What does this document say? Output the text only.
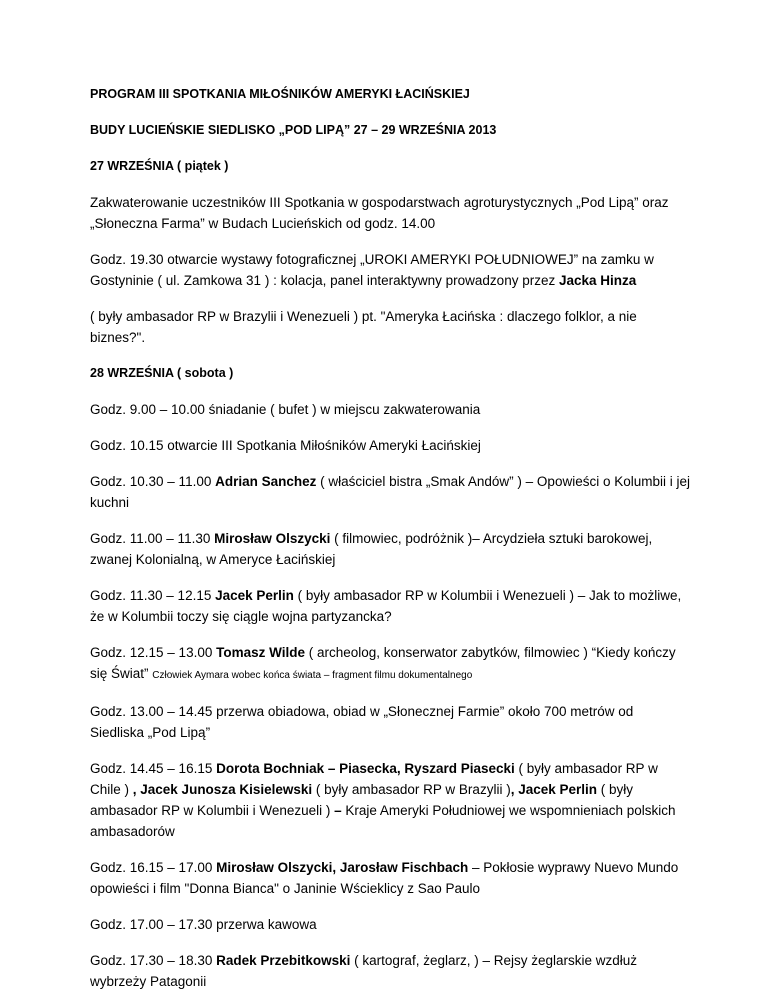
PROGRAM III SPOTKANIA MIŁOŚNIKÓW AMERYKI ŁACIŃSKIEJ

BUDY LUCIEŃSKIE SIEDLISKO „POD LIPĄ” 27 – 29 WRZEŚNIA 2013

27 WRZEŚNIA ( piątek )

Zakwaterowanie uczestników III Spotkania w gospodarstwach agroturystycznych „Pod Lipą” oraz „Słoneczna Farma” w Budach Lucieńskich od godz. 14.00

Godz. 19.30 otwarcie wystawy fotograficznej „UROKI AMERYKI POŁUDNIOWEJ” na zamku w Gostyninie ( ul. Zamkowa 31 ) : kolacja, panel interaktywny prowadzony przez Jacka Hinza

( były ambasador RP w Brazylii i Wenezueli ) pt. "Ameryka Łacińska : dlaczego folklor, a nie biznes?".

28 WRZEŚNIA ( sobota )

Godz. 9.00 – 10.00 śniadanie ( bufet ) w miejscu zakwaterowania

Godz. 10.15 otwarcie III Spotkania Miłośników Ameryki Łacińskiej

Godz. 10.30 – 11.00 Adrian Sanchez ( właściciel bistra „Smak Andów” ) – Opowieści o Kolumbii i jej kuchni

Godz. 11.00 – 11.30 Mirosław Olszycki ( filmowiec, podróżnik )– Arcydzieła sztuki barokowej, zwanej Kolonialną, w Ameryce Łacińskiej

Godz. 11.30 – 12.15 Jacek Perlin ( były ambasador RP w Kolumbii i Wenezueli ) – Jak to możliwe, że w Kolumbii toczy się ciągle wojna partyzancka?

Godz. 12.15 – 13.00 Tomasz Wilde ( archeolog, konserwator zabytków, filmowiec ) “Kiedy kończy się Świat” Człowiek Aymara wobec końca świata – fragment filmu dokumentalnego

Godz. 13.00 – 14.45 przerwa obiadowa, obiad w „Słonecznej Farmie” około 700 metrów od Siedliska „Pod Lipą”

Godz. 14.45 – 16.15 Dorota Bochniak – Piasecka, Ryszard Piasecki ( były ambasador RP w Chile ) , Jacek Junosza Kisielewski ( były ambasador RP w Brazylii ), Jacek Perlin ( były ambasador RP w Kolumbii i Wenezueli ) – Kraje Ameryki Południowej we wspomnieniach polskich ambasadorów

Godz. 16.15 – 17.00 Mirosław Olszycki, Jarosław Fischbach – Pokłosie wyprawy Nuevo Mundo opowieści i film "Donna Bianca" o Janinie Wścieklicy z Sao Paulo

Godz. 17.00 – 17.30 przerwa kawowa

Godz. 17.30 – 18.30 Radek Przebitkowski ( kartograf, żeglarz, ) – Rejsy żeglarskie wzdłuż wybrzeży Patagonii
